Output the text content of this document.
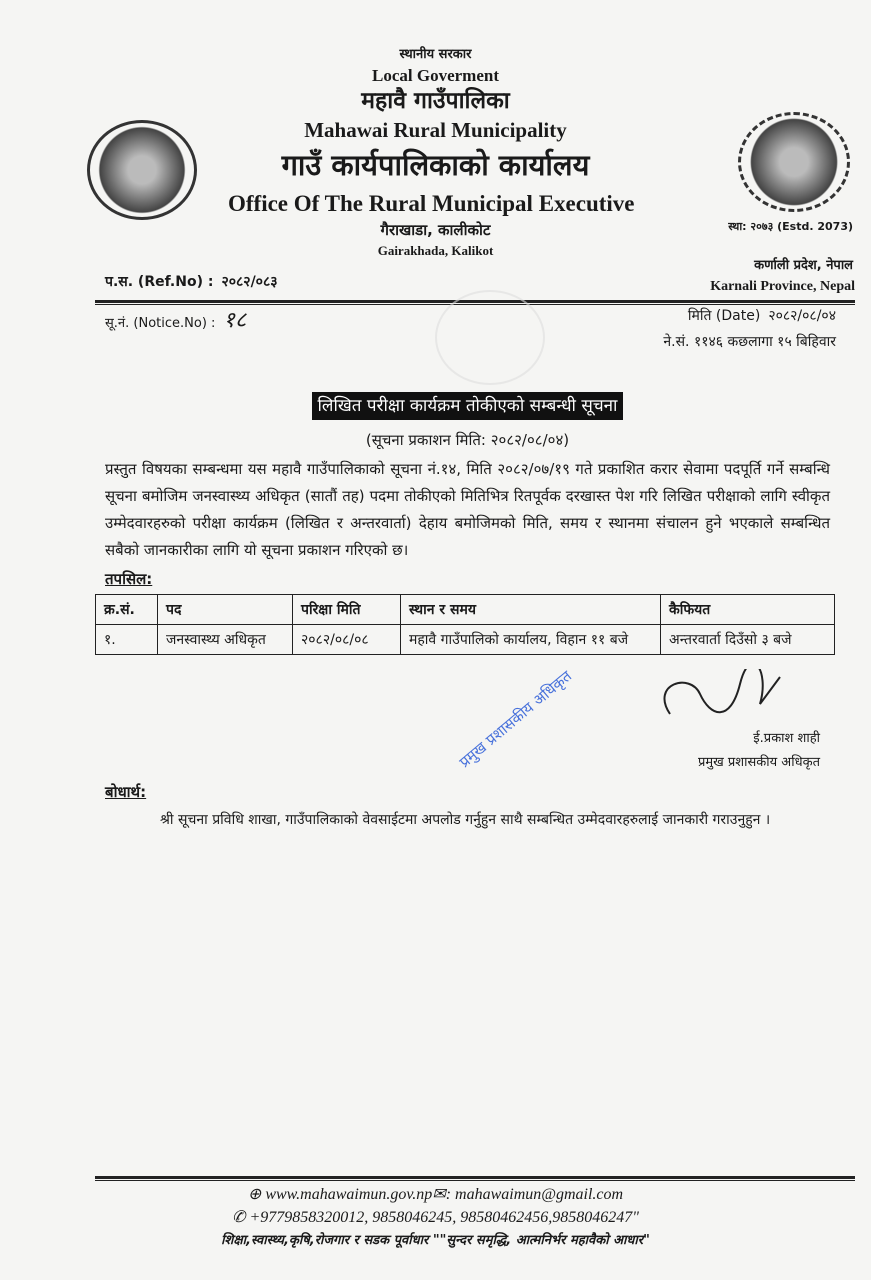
स्थानीय सरकार
Local Goverment
महावै गाउँपालिका
Mahawai Rural Municipality
गाउँ कार्यपालिकाको कार्यालय
Office Of The Rural Municipal Executive
गैराखाडा, कालीकोट
Gairakhada, Kalikot
स्था: २०७३ (Estd. 2073)
प.स. (Ref.No) : २०८२/०८३
कर्णाली प्रदेश, नेपाल
Karnali Province, Nepal
सू.नं. (Notice.No) : १८	मिति (Date) २०८२/०८/०४
ने.सं. ११४६ कछलागा १५ बिहिवार
लिखित परीक्षा कार्यक्रम तोकीएको सम्बन्धी सूचना
(सूचना प्रकाशन मिति: २०८२/०८/०४)
प्रस्तुत विषयका सम्बन्धमा यस महावै गाउँपालिकाको सूचना नं.१४, मिति २०८२/०७/१९ गते प्रकाशित करार सेवामा पदपूर्ति गर्ने सम्बन्धि सूचना बमोजिम जनस्वास्थ्य अधिकृत (सातौं तह) पदमा तोकीएको मितिभित्र रितपूर्वक दरखास्त पेश गरि लिखित परीक्षाको लागि स्वीकृत उम्मेदवारहरुको परीक्षा कार्यक्रम (लिखित र अन्तरवार्ता) देहाय बमोजिमको मिति, समय र स्थानमा संचालन हुने भएकाले सम्बन्धित सबैको जानकारीका लागि यो सूचना प्रकाशन गरिएको छ।
तपसिल:
क्र.सं.	पद	परिक्षा मिति	स्थान र समय	कैफियत
१.	जनस्वास्थ्य अधिकृत	२०८२/०८/०८	महावै गाउँपालिको कार्यालय, विहान ११ बजे	अन्तरवार्ता दिउँसो ३ बजे
प्रमुख प्रशासकीय अधिकृत	ई.प्रकाश शाही
प्रमुख प्रशासकीय अधिकृत
बोधार्थ:
श्री सूचना प्रविधि शाखा, गाउँपालिकाको वेवसाईटमा अपलोड गर्नुहुन साथै सम्बन्धित उम्मेदवारहरुलाई जानकारी गराउनुहुन ।
⊕ www.mahawaimun.gov.np✉: mahawaimun@gmail.com
✆ +9779858320012, 9858046245, 98580462456,9858046247"
शिक्षा,स्वास्थ्य,कृषि,रोजगार र सडक पूर्वाधार ""सुन्दर समृद्धि, आत्मनिर्भर महावैको आधार"
